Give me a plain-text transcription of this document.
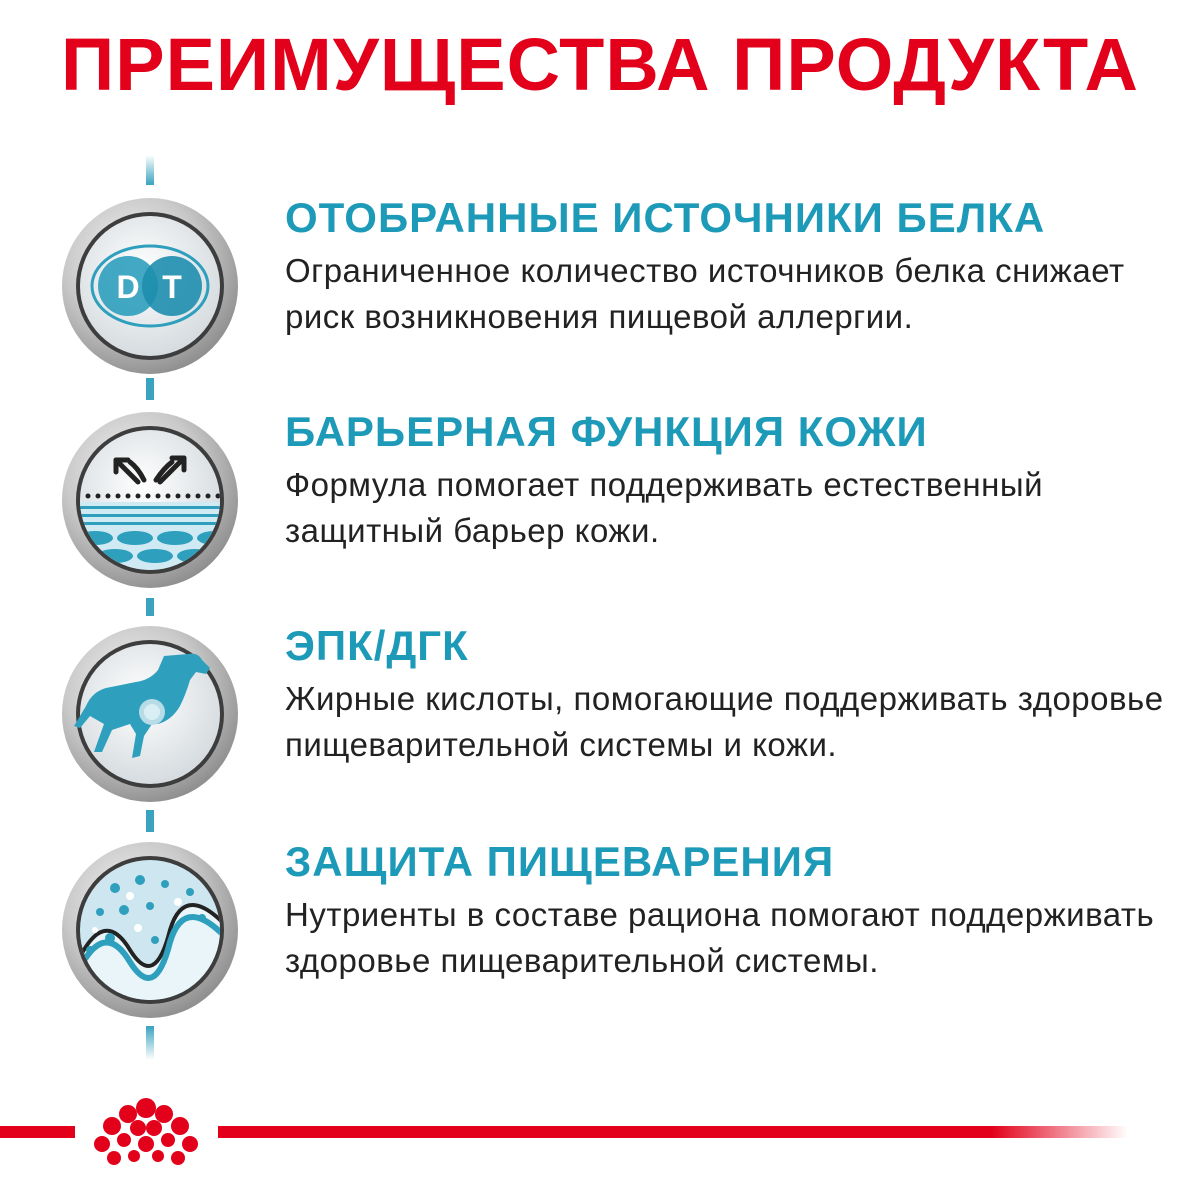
ПРЕИМУЩЕСТВА ПРОДУКТА
D T
ОТОБРАННЫЕ ИСТОЧНИКИ БЕЛКА
Ограниченное количество источников белка снижает риск возникновения пищевой аллергии.
БАРЬЕРНАЯ ФУНКЦИЯ КОЖИ
Формула помогает поддерживать естественный защитный барьер кожи.
ЭПК/ДГК
Жирные кислоты, помогающие поддерживать здоровье пищеварительной системы и кожи.
ЗАЩИТА ПИЩЕВАРЕНИЯ
Нутриенты в составе рациона помогают поддерживать здоровье пищеварительной системы.
